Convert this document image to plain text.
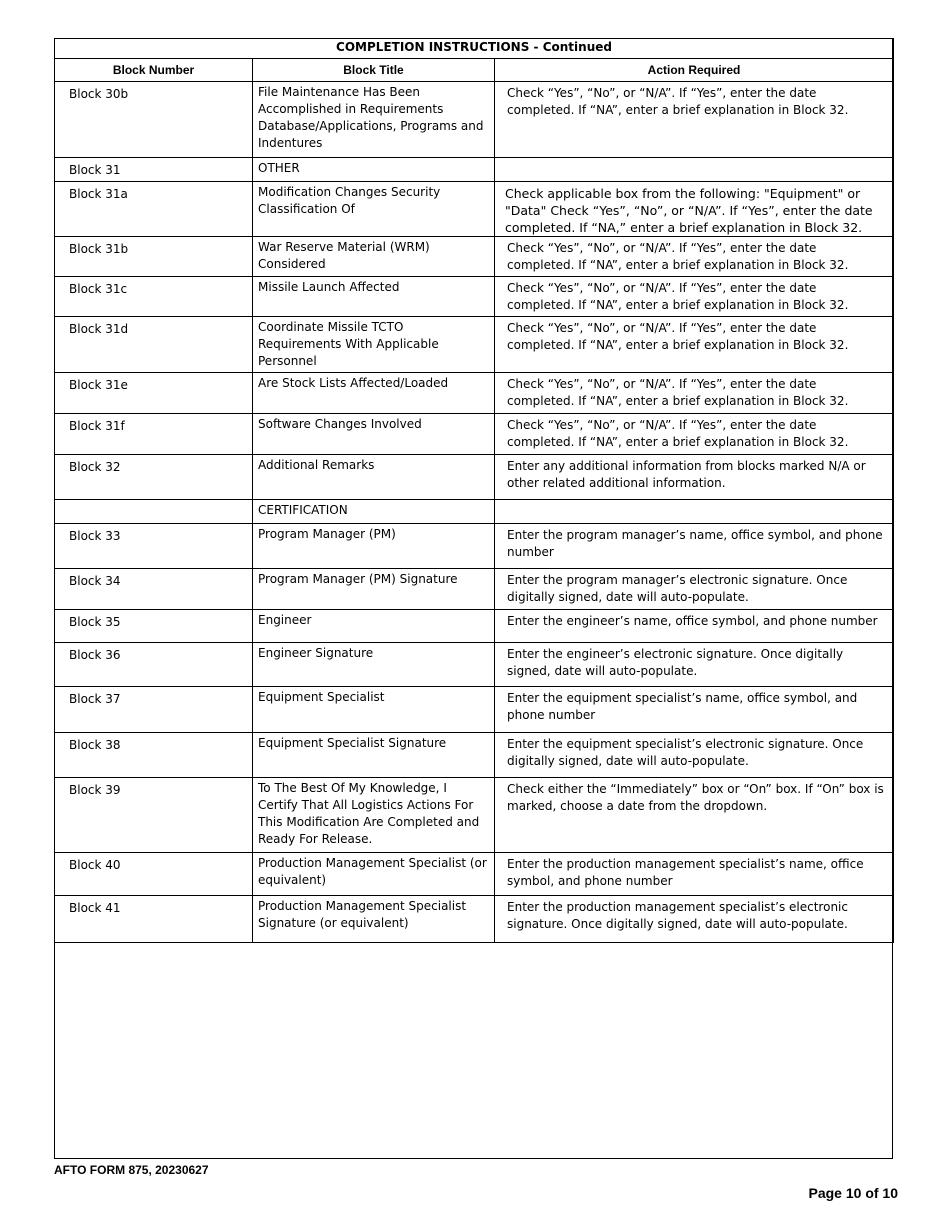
COMPLETION INSTRUCTIONS - Continued		
Block Number	Block Title	Action Required
Block 30b	File Maintenance Has Been Accomplished in Requirements Database/Applications, Programs and Indentures	Check “Yes”, “No”, or “N/A”. If “Yes”, enter the date completed. If “NA”, enter a brief explanation in Block 32.
Block 31	OTHER	
Block 31a	Modification Changes Security Classification Of	Check applicable box from the following: "Equipment" or "Data" Check “Yes”, “No”, or “N/A”. If “Yes”, enter the date completed. If “NA,” enter a brief explanation in Block 32.
Block 31b	War Reserve Material (WRM) Considered	Check “Yes”, “No”, or “N/A”. If “Yes”, enter the date completed. If “NA”, enter a brief explanation in Block 32.
Block 31c	Missile Launch Affected	Check “Yes”, “No”, or “N/A”. If “Yes”, enter the date completed. If “NA”, enter a brief explanation in Block 32.
Block 31d	Coordinate Missile TCTO Requirements With Applicable Personnel	Check “Yes”, “No”, or “N/A”. If “Yes”, enter the date completed. If “NA”, enter a brief explanation in Block 32.
Block 31e	Are Stock Lists Affected/Loaded	Check “Yes”, “No”, or “N/A”. If “Yes”, enter the date completed. If “NA”, enter a brief explanation in Block 32.
Block 31f	Software Changes Involved	Check “Yes”, “No”, or “N/A”. If “Yes”, enter the date completed. If “NA”, enter a brief explanation in Block 32.
Block 32	Additional Remarks	Enter any additional information from blocks marked N/A or other related additional information.
	CERTIFICATION	
Block 33	Program Manager (PM)	Enter the program manager’s name, office symbol, and phone number
Block 34	Program Manager (PM) Signature	Enter the program manager’s electronic signature. Once digitally signed, date will auto-populate.
Block 35	Engineer	Enter the engineer’s name, office symbol, and phone number
Block 36	Engineer Signature	Enter the engineer’s electronic signature. Once digitally signed, date will auto-populate.
Block 37	Equipment Specialist	Enter the equipment specialist’s name, office symbol, and phone number
Block 38	Equipment Specialist Signature	Enter the equipment specialist’s electronic signature. Once digitally signed, date will auto-populate.
Block 39	To The Best Of My Knowledge, I Certify That All Logistics Actions For This Modification Are Completed and Ready For Release.	Check either the “Immediately” box or “On” box. If “On” box is marked, choose a date from the dropdown.
Block 40	Production Management Specialist (or equivalent)	Enter the production management specialist’s name, office symbol, and phone number
Block 41	Production Management Specialist Signature (or equivalent)	Enter the production management specialist’s electronic signature. Once digitally signed, date will auto-populate.
AFTO FORM 875, 20230627
Page 10 of 10
